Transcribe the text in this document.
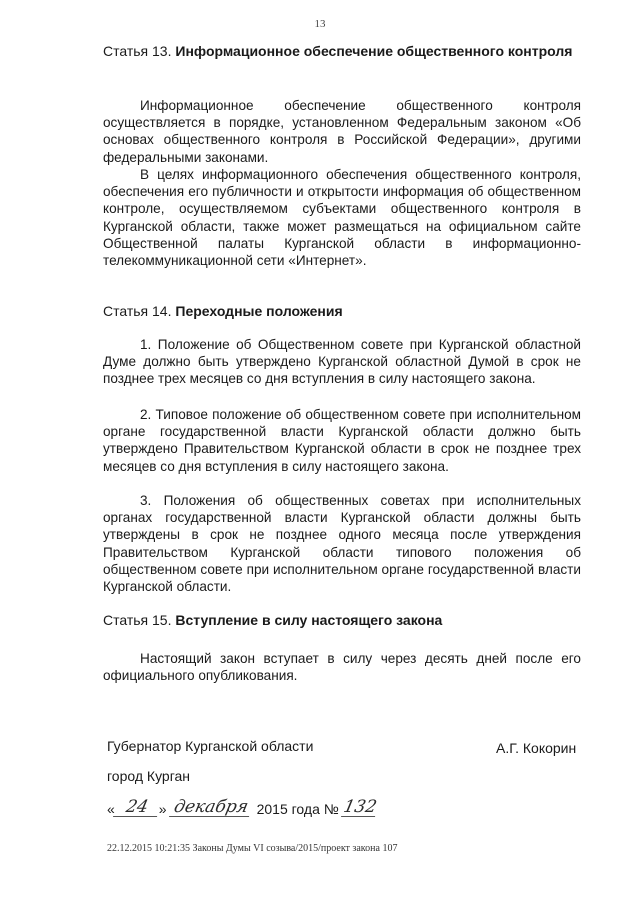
13
Статья 13. Информационное обеспечение общественного контроля
Информационное обеспечение общественного контроля осуществляется в порядке, установленном Федеральным законом «Об основах общественного контроля в Российской Федерации», другими федеральными законами.
В целях информационного обеспечения общественного контроля, обеспечения его публичности и открытости информация об общественном контроле, осуществляемом субъектами общественного контроля в Курганской области, также может размещаться на официальном сайте Общественной палаты Курганской области в информационно-телекоммуникационной сети «Интернет».
Статья 14. Переходные положения
1. Положение об Общественном совете при Курганской областной Думе должно быть утверждено Курганской областной Думой в срок не позднее трех месяцев со дня вступления в силу настоящего закона.
2. Типовое положение об общественном совете при исполнительном органе государственной власти Курганской области должно быть утверждено Правительством Курганской области в срок не позднее трех месяцев со дня вступления в силу настоящего закона.
3. Положения об общественных советах при исполнительных органах государственной власти Курганской области должны быть утверждены в срок не позднее одного месяца после утверждения Правительством Курганской области типового положения об общественном совете при исполнительном органе государственной власти Курганской области.
Статья 15. Вступление в силу настоящего закона
Настоящий закон вступает в силу через десять дней после его официального опубликования.
Губернатор Курганской области	А.Г. Кокорин
город Курган
« 24 » декабря 2015 года № 132
22.12.2015 10:21:35 Законы Думы VI созыва/2015/проект закона 107
